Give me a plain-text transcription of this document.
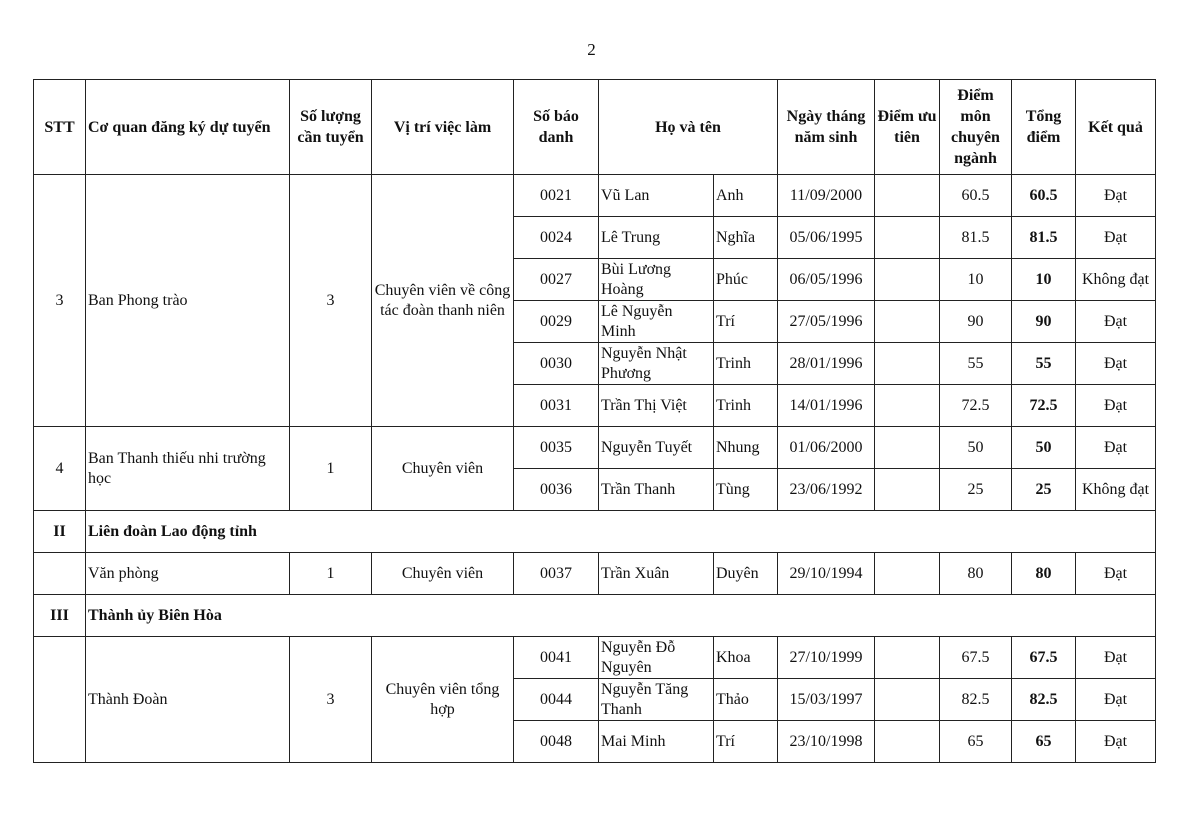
2
STT	Cơ quan đăng ký dự tuyển	Số lượng cần tuyển	Vị trí việc làm	Số báo danh	Họ và tên		Ngày tháng năm sinh	Điểm ưu tiên	Điểm môn chuyên ngành	Tổng điểm	Kết quả
3	Ban Phong trào	3	Chuyên viên về công tác đoàn thanh niên	0021	Vũ Lan	Anh	11/09/2000		60.5	60.5	Đạt
				0024	Lê Trung	Nghĩa	05/06/1995		81.5	81.5	Đạt
				0027	Bùi Lương Hoàng	Phúc	06/05/1996		10	10	Không đạt
				0029	Lê Nguyễn Minh	Trí	27/05/1996		90	90	Đạt
				0030	Nguyễn Nhật Phương	Trinh	28/01/1996		55	55	Đạt
				0031	Trần Thị Việt	Trinh	14/01/1996		72.5	72.5	Đạt
4	Ban Thanh thiếu nhi trường học	1	Chuyên viên	0035	Nguyễn Tuyết	Nhung	01/06/2000		50	50	Đạt
				0036	Trần Thanh	Tùng	23/06/1992		25	25	Không đạt
II	Liên đoàn Lao động tỉnh										
	Văn phòng	1	Chuyên viên	0037	Trần Xuân	Duyên	29/10/1994		80	80	Đạt
III	Thành ủy Biên Hòa										
	Thành Đoàn	3	Chuyên viên tổng hợp	0041	Nguyễn Đỗ Nguyên	Khoa	27/10/1999		67.5	67.5	Đạt
				0044	Nguyễn Tăng Thanh	Thảo	15/03/1997		82.5	82.5	Đạt
				0048	Mai Minh	Trí	23/10/1998		65	65	Đạt
